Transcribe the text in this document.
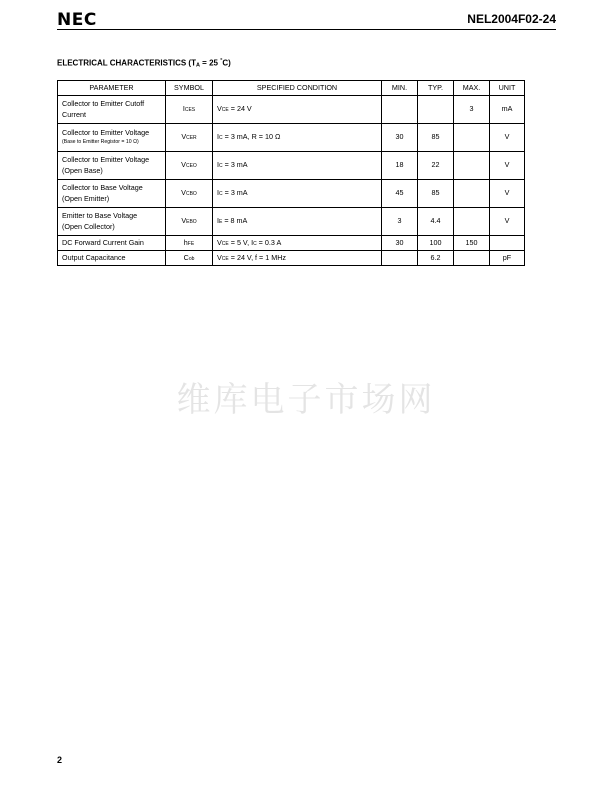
NEC	NEL2004F02-24
ELECTRICAL CHARACTERISTICS ($T_A = 25$ °C)
PARAMETER	SYMBOL	SPECIFIED CONDITION	MIN.	TYP.	MAX.	UNIT
Collector to Emitter Cutoff
Current	ICES	VCE = 24 V			3	mA
Collector to Emitter Voltage
(Base to Emitter Registor = 10 Ω)	VCER	IC = 3 mA, R = 10 Ω	30	85		V
Collector to Emitter Voltage
(Open Base)	VCEO	IC = 3 mA	18	22		V
Collector to Base Voltage
(Open Emitter)	VCBO	IC = 3 mA	45	85		V
Emitter to Base Voltage
(Open Collector)	VEBO	IE = 8 mA	3	4.4		V
DC Forward Current Gain	hFE	VCE = 5 V, IC = 0.3 A	30	100	150	
Output Capacitance	Cob	VCE = 24 V, f = 1 MHz		6.2		pF
维库电子市场网
2
